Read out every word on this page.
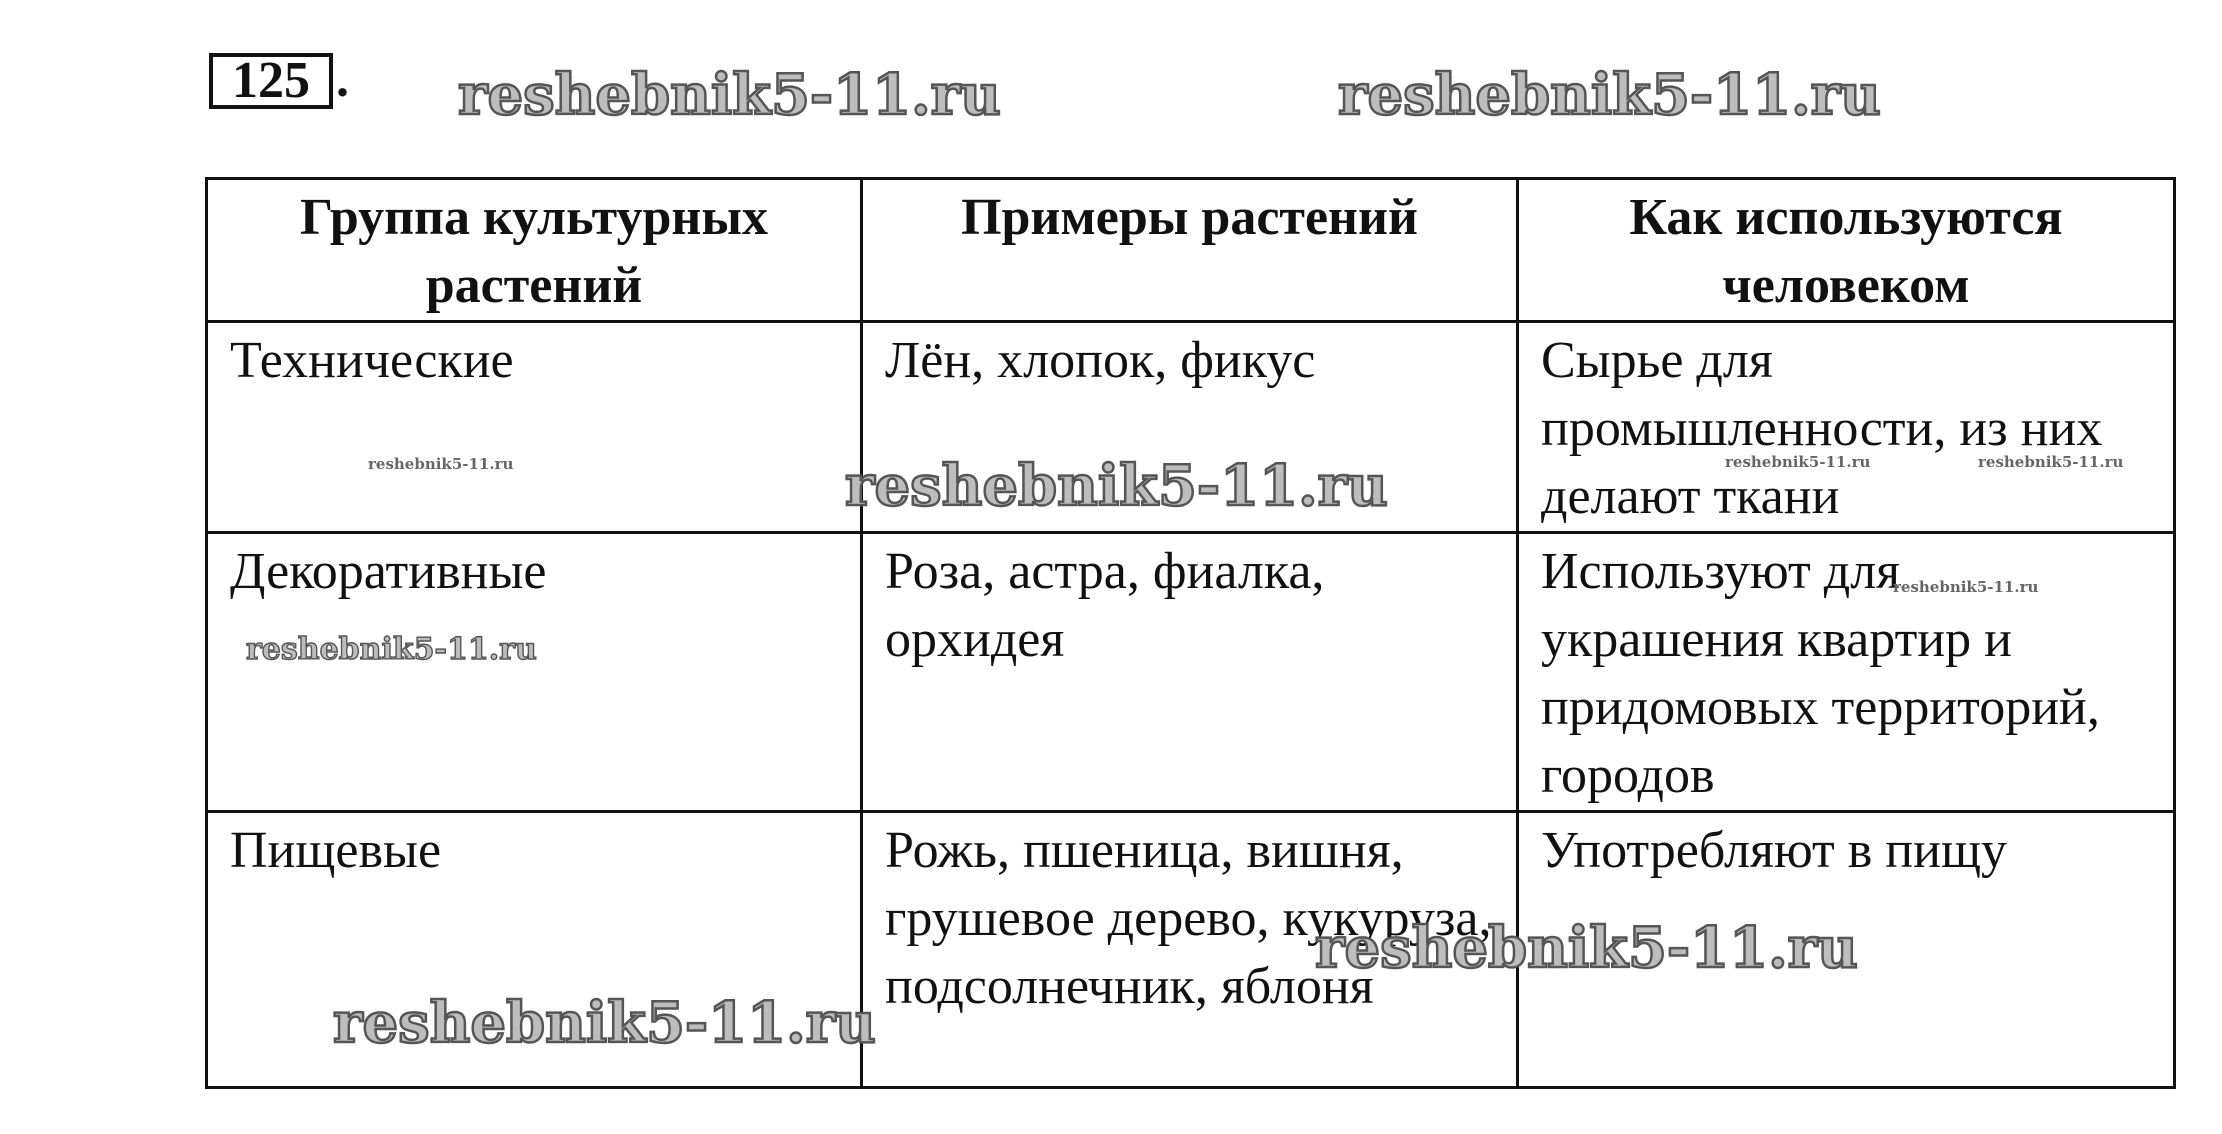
125 . reshebnik5-11.ru	reshebnik5-11.ru
Группа культурных растений	Примеры растений	Как используются человеком
Технические	Лён, хлопок, фикус	Сырье для промышленности, из них делают ткани
Декоративные	Роза, астра, фиалка, орхидея	Используют для украшения квартир и придомовых территорий, городов
Пищевые	Рожь, пшеница, вишня, грушевое дерево, кукуруза, подсолнечник, яблоня	Употребляют в пищу
reshebnik5-11.ru	reshebnik5-11.ru	reshebnik5-11.ru	reshebnik5-11.ru
reshebnik5-11.ru
reshebnik5-11.ru
reshebnik5-11.ru
reshebnik5-11.ru
